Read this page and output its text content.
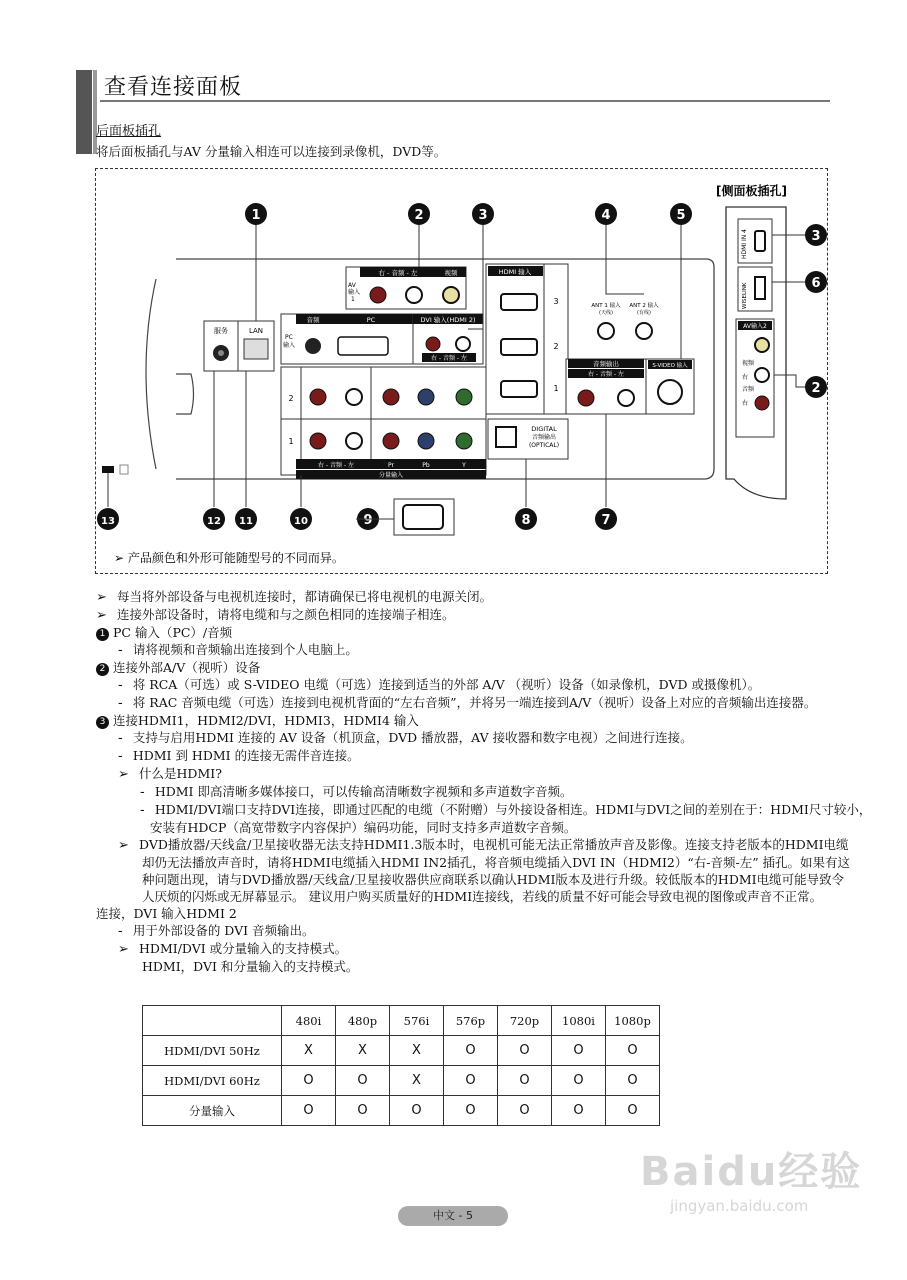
查看连接面板
后面板插孔
将后面板插孔与AV 分量输入相连可以连接到录像机，DVD等。
[侧面板插孔]
服务	LAN
右 - 音频 - 左	视频
AV 输入 1
音频	PC
PC 输入
DVI 输入(HDMI 2)
右 - 音频 - 左
HDMI 输入
3
2
1
ANT 1 输入
(天线)
ANT 2 输入
(有线)
音频输出
右 - 音频 - 左
S-VIDEO 输入
2
1
右 - 音频 - 左	Pr	Pb	Y
分量输入
DIGITAL
音频输出
(OPTICAL)
HDMI IN 4
WISELINK
AV输入2
视频
右
音频
右
1	2	3	4	5
3
6
2
7
8
9
10
11
12
13
➢ 产品颜色和外形可能随型号的不同而异。
➢ 每当将外部设备与电视机连接时，都请确保已将电视机的电源关闭。
➢ 连接外部设备时，请将电缆和与之颜色相同的连接端子相连。
1 PC 输入（PC）/音频
- 请将视频和音频输出连接到个人电脑上。
2 连接外部A/V（视听）设备
- 将 RCA（可选）或 S-VIDEO 电缆（可选）连接到适当的外部 A/V （视听）设备（如录像机，DVD 或摄像机）。
- 将 RAC 音频电缆（可选）连接到电视机背面的“左右音频”，并将另一端连接到A/V（视听）设备上对应的音频输出连接器。
3 连接HDMI1，HDMI2/DVI，HDMI3，HDMI4 输入
- 支持与启用HDMI 连接的 AV 设备（机顶盒，DVD 播放器，AV 接收器和数字电视）之间进行连接。
- HDMI 到 HDMI 的连接无需伴音连接。
➢ 什么是HDMI?
- HDMI 即高清晰多媒体接口，可以传输高清晰数字视频和多声道数字音频。
- HDMI/DVI端口支持DVI连接，即通过匹配的电缆（不附赠）与外接设备相连。HDMI与DVI之间的差别在于：HDMI尺寸较小，
安装有HDCP（高宽带数字内容保护）编码功能，同时支持多声道数字音频。
➢ DVD播放器/天线盒/卫星接收器无法支持HDMI1.3版本时，电视机可能无法正常播放声音及影像。连接支持老版本的HDMI电缆
却仍无法播放声音时，请将HDMI电缆插入HDMI IN2插孔，将音频电缆插入DVI IN（HDMI2）“右-音频-左” 插孔。如果有这
种问题出现，请与DVD播放器/天线盒/卫星接收器供应商联系以确认HDMI版本及进行升级。较低版本的HDMI电缆可能导致令
人厌烦的闪烁或无屏幕显示。 建议用户购买质量好的HDMI连接线，若线的质量不好可能会导致电视的图像或声音不正常。
连接，DVI 输入HDMI 2
- 用于外部设备的 DVI 音频输出。
➢ HDMI/DVI 或分量输入的支持模式。
HDMI，DVI 和分量输入的支持模式。
	480i	480p	576i	576p	720p	1080i	1080p
HDMI/DVI 50Hz	X	X	X	O	O	O	O
HDMI/DVI 60Hz	O	O	X	O	O	O	O
分量输入	O	O	O	O	O	O	O
中文 - 5
Baidu经验
jingyan.baidu.com
